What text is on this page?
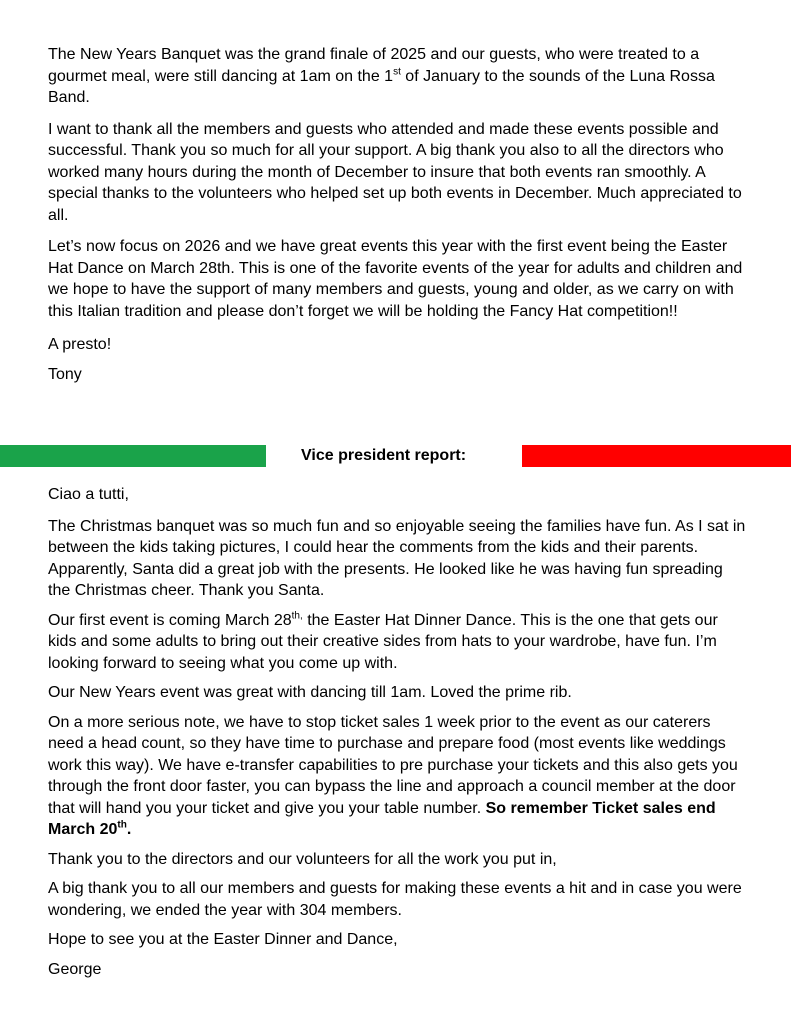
The New Years Banquet was the grand finale of 2025 and our guests, who were treated to a gourmet meal, were still dancing at 1am on the 1st of January to the sounds of the Luna Rossa Band.

I want to thank all the members and guests who attended and made these events possible and successful. Thank you so much for all your support. A big thank you also to all the directors who worked many hours during the month of December to insure that both events ran smoothly. A special thanks to the volunteers who helped set up both events in December. Much appreciated to all.

Let’s now focus on 2026 and we have great events this year with the first event being the Easter Hat Dance on March 28th. This is one of the favorite events of the year for adults and children and we hope to have the support of many members and guests, young and older, as we carry on with this Italian tradition and please don’t forget we will be holding the Fancy Hat competition!!

A presto!

Tony

Vice president report:

Ciao a tutti,

The Christmas banquet was so much fun and so enjoyable seeing the families have fun. As I sat in between the kids taking pictures, I could hear the comments from the kids and their parents. Apparently, Santa did a great job with the presents. He looked like he was having fun spreading the Christmas cheer. Thank you Santa.

Our first event is coming March $28^{th,}$ the Easter Hat Dinner Dance. This is the one that gets our kids and some adults to bring out their creative sides from hats to your wardrobe, have fun. I’m looking forward to seeing what you come up with.

Our New Years event was great with dancing till 1am. Loved the prime rib.

On a more serious note, we have to stop ticket sales 1 week prior to the event as our caterers need a head count, so they have time to purchase and prepare food (most events like weddings work this way). We have e-transfer capabilities to pre purchase your tickets and this also gets you through the front door faster, you can bypass the line and approach a council member at the door that will hand you your ticket and give you your table number. So remember Ticket sales end March 20th.

Thank you to the directors and our volunteers for all the work you put in,

A big thank you to all our members and guests for making these events a hit and in case you were wondering, we ended the year with 304 members.

Hope to see you at the Easter Dinner and Dance,

George
